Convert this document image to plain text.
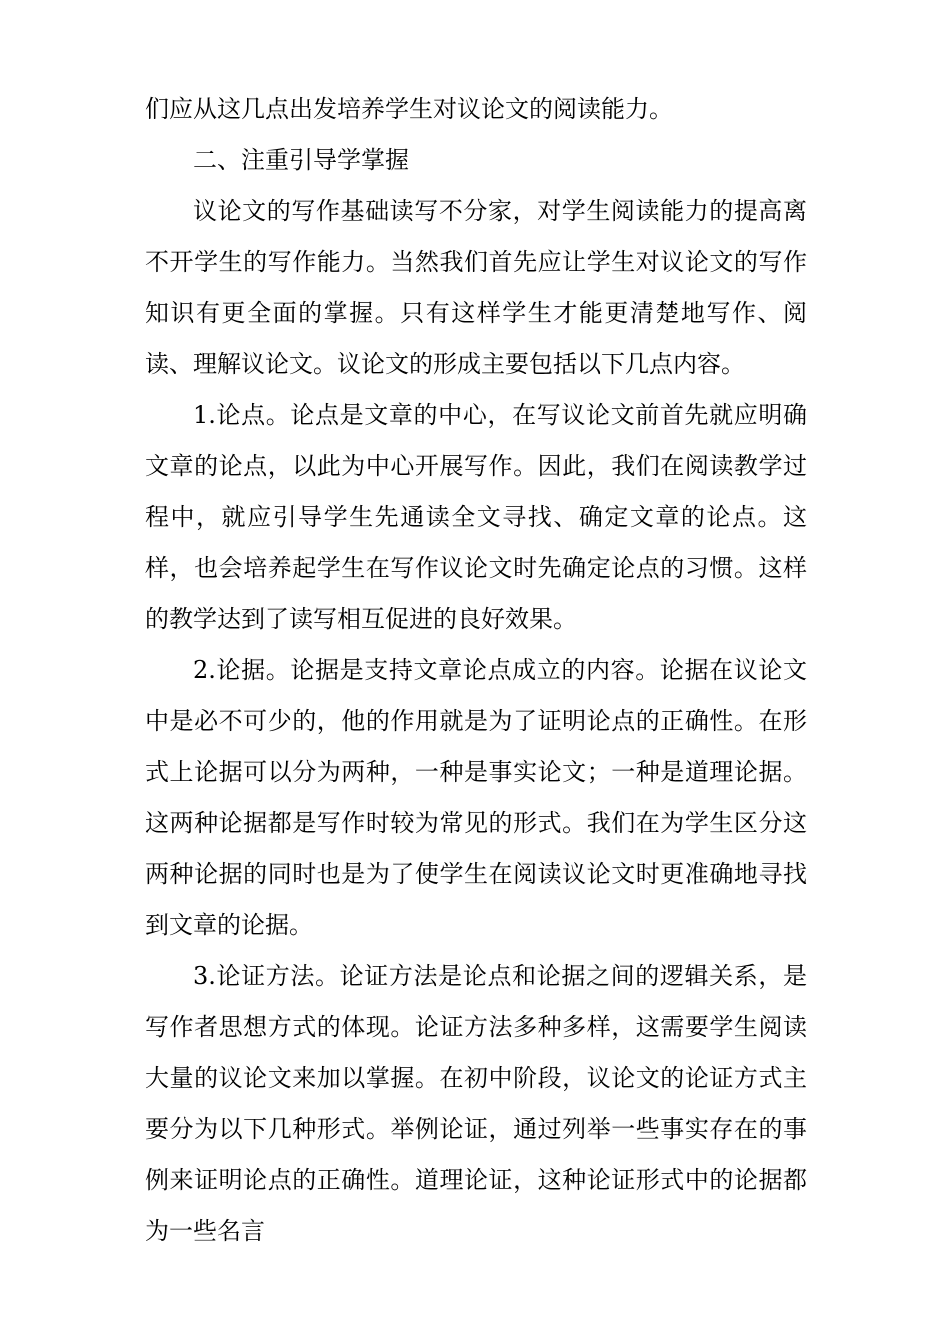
们应从这几点出发培养学生对议论文的阅读能力。

二、注重引导学掌握

议论文的写作基础读写不分家，对学生阅读能力的提高离不开学生的写作能力。当然我们首先应让学生对议论文的写作知识有更全面的掌握。只有这样学生才能更清楚地写作、阅读、理解议论文。议论文的形成主要包括以下几点内容。

1.论点。论点是文章的中心，在写议论文前首先就应明确文章的论点，以此为中心开展写作。因此，我们在阅读教学过程中，就应引导学生先通读全文寻找、确定文章的论点。这样，也会培养起学生在写作议论文时先确定论点的习惯。这样的教学达到了读写相互促进的良好效果。

2.论据。论据是支持文章论点成立的内容。论据在议论文中是必不可少的，他的作用就是为了证明论点的正确性。在形式上论据可以分为两种，一种是事实论文；一种是道理论据。这两种论据都是写作时较为常见的形式。我们在为学生区分这两种论据的同时也是为了使学生在阅读议论文时更准确地寻找到文章的论据。

3.论证方法。论证方法是论点和论据之间的逻辑关系，是写作者思想方式的体现。论证方法多种多样，这需要学生阅读大量的议论文来加以掌握。在初中阶段，议论文的论证方式主要分为以下几种形式。举例论证，通过列举一些事实存在的事例来证明论点的正确性。道理论证，这种论证形式中的论据都为一些名言
